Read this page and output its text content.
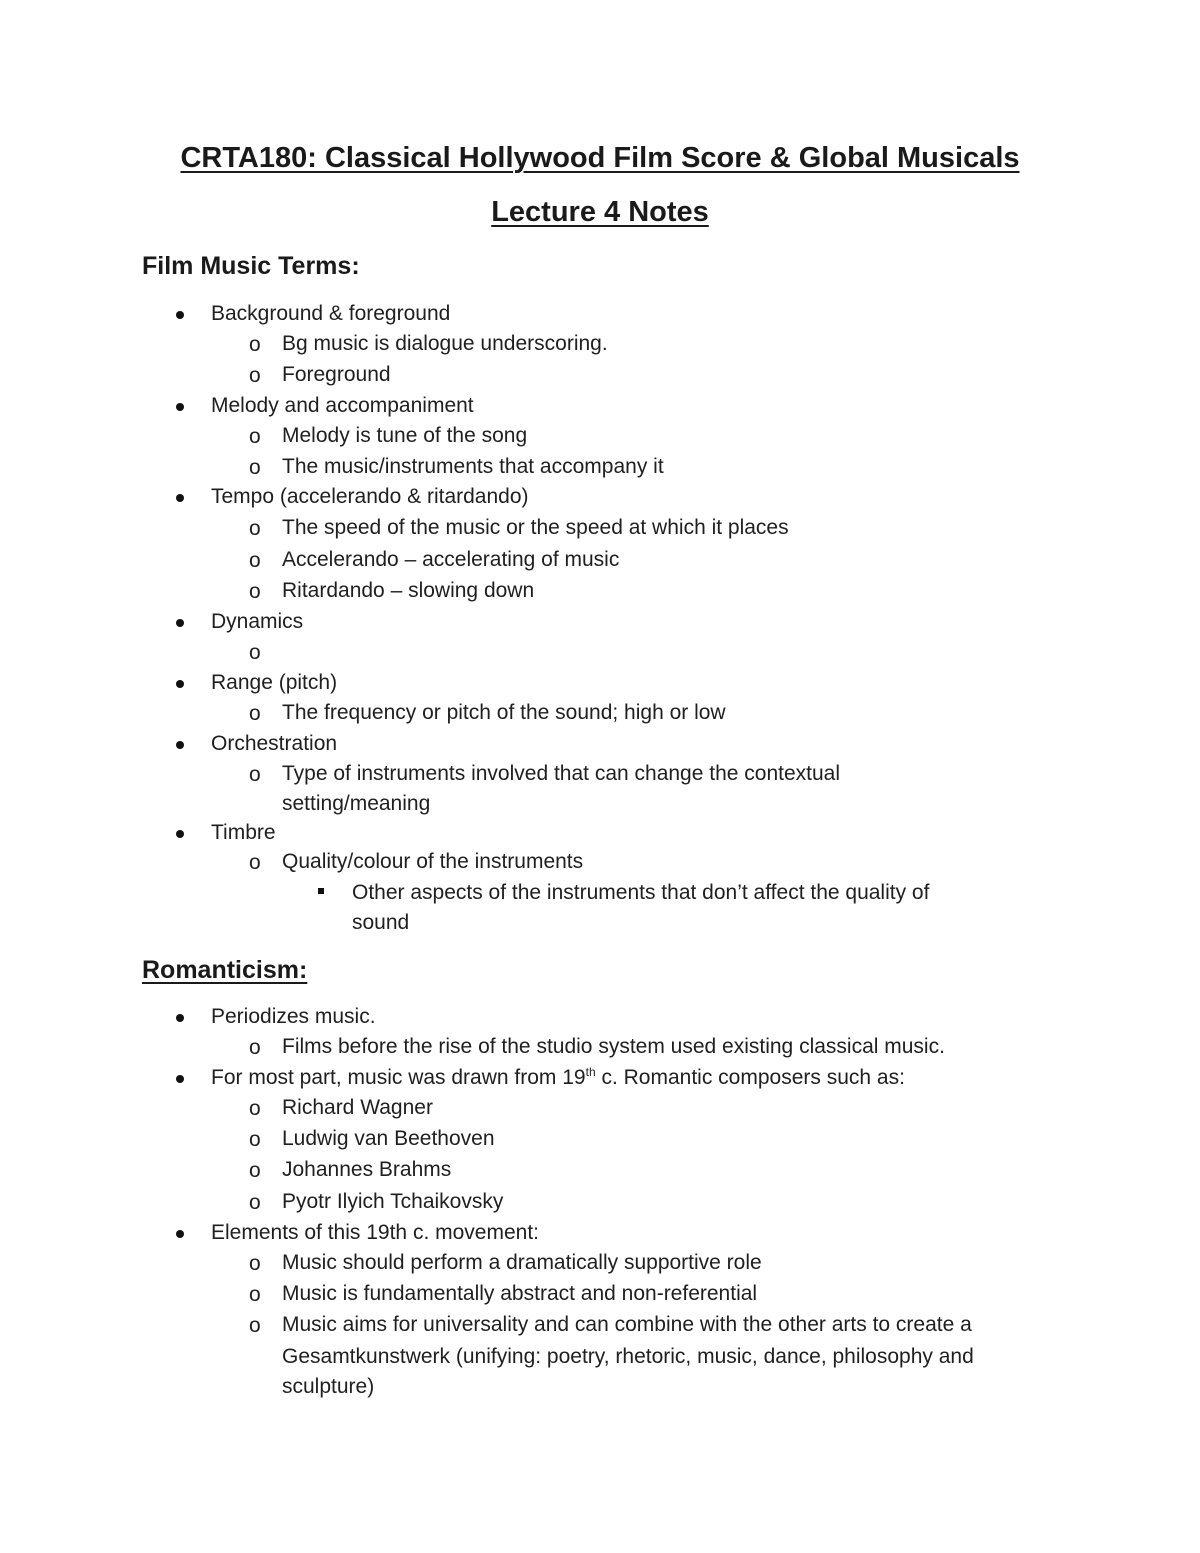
CRTA180: Classical Hollywood Film Score & Global Musicals
Lecture 4 Notes
Film Music Terms:
Background & foreground
o Bg music is dialogue underscoring.
o Foreground
Melody and accompaniment
o Melody is tune of the song
o The music/instruments that accompany it
Tempo (accelerando & ritardando)
o The speed of the music or the speed at which it places
o Accelerando – accelerating of music
o Ritardando – slowing down
Dynamics
o
Range (pitch)
o The frequency or pitch of the sound; high or low
Orchestration
o Type of instruments involved that can change the contextual
setting/meaning
Timbre
o Quality/colour of the instruments
Other aspects of the instruments that don’t affect the quality of
sound
Romanticism:
Periodizes music.
o Films before the rise of the studio system used existing classical music.
For most part, music was drawn from 19th c. Romantic composers such as:
o Richard Wagner
o Ludwig van Beethoven
o Johannes Brahms
o Pyotr Ilyich Tchaikovsky
Elements of this 19th c. movement:
o Music should perform a dramatically supportive role
o Music is fundamentally abstract and non-referential
o Music aims for universality and can combine with the other arts to create a
Gesamtkunstwerk (unifying: poetry, rhetoric, music, dance, philosophy and
sculpture)
